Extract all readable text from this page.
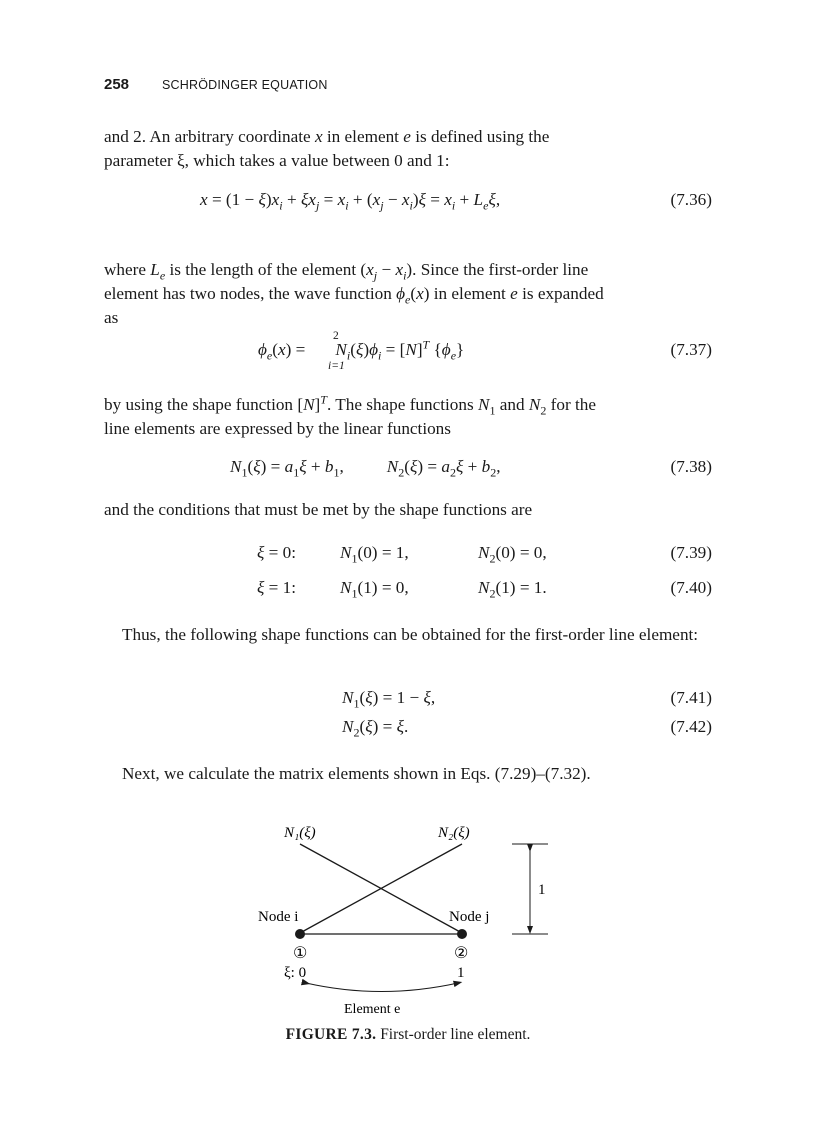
258	SCHRÖDINGER EQUATION
and 2. An arbitrary coordinate x in element e is defined using the
parameter ξ, which takes a value between 0 and 1:
$x = (1 - \xi)x_i + \xi x_j = x_i + (x_j - x_i)\xi = x_i + L_e\xi$,	(7.36)
where $L_e$ is the length of the element $(x_j - x_i)$. Since the first-order line
element has two nodes, the wave function $\phi_e(x)$ in element e is expanded
as
2
$\phi_e(x)$ =       $N_i(\xi)\phi_i = [N]^T$ $\{\phi_e\}$
i=1
(7.37)
by using the shape function $[N]^T$. The shape functions $N_1$ and $N_2$ for the
line elements are expressed by the linear functions
$N_1(\xi) = a_1\xi + b_1$,          $N_2(\xi) = a_2\xi + b_2$,	(7.38)
and the conditions that must be met by the shape functions are
ξ = 0:	$N_1(0) = 1$,	$N_2(0) = 0$,	(7.39)
ξ = 1:	$N_1(1) = 0$,	$N_2(1) = 1$.	(7.40)
Thus, the following shape functions can be obtained for the first-order line element:
$N_1(\xi) = 1 - \xi$,	(7.41)
$N_2(\xi) = \xi$.	(7.42)
Next, we calculate the matrix elements shown in Eqs. (7.29)–(7.32).
N₁(ξ)	N₂(ξ)
Node i	Node j
①	②
ξ: 0	1
Element e
1
FIGURE 7.3. First-order line element.
